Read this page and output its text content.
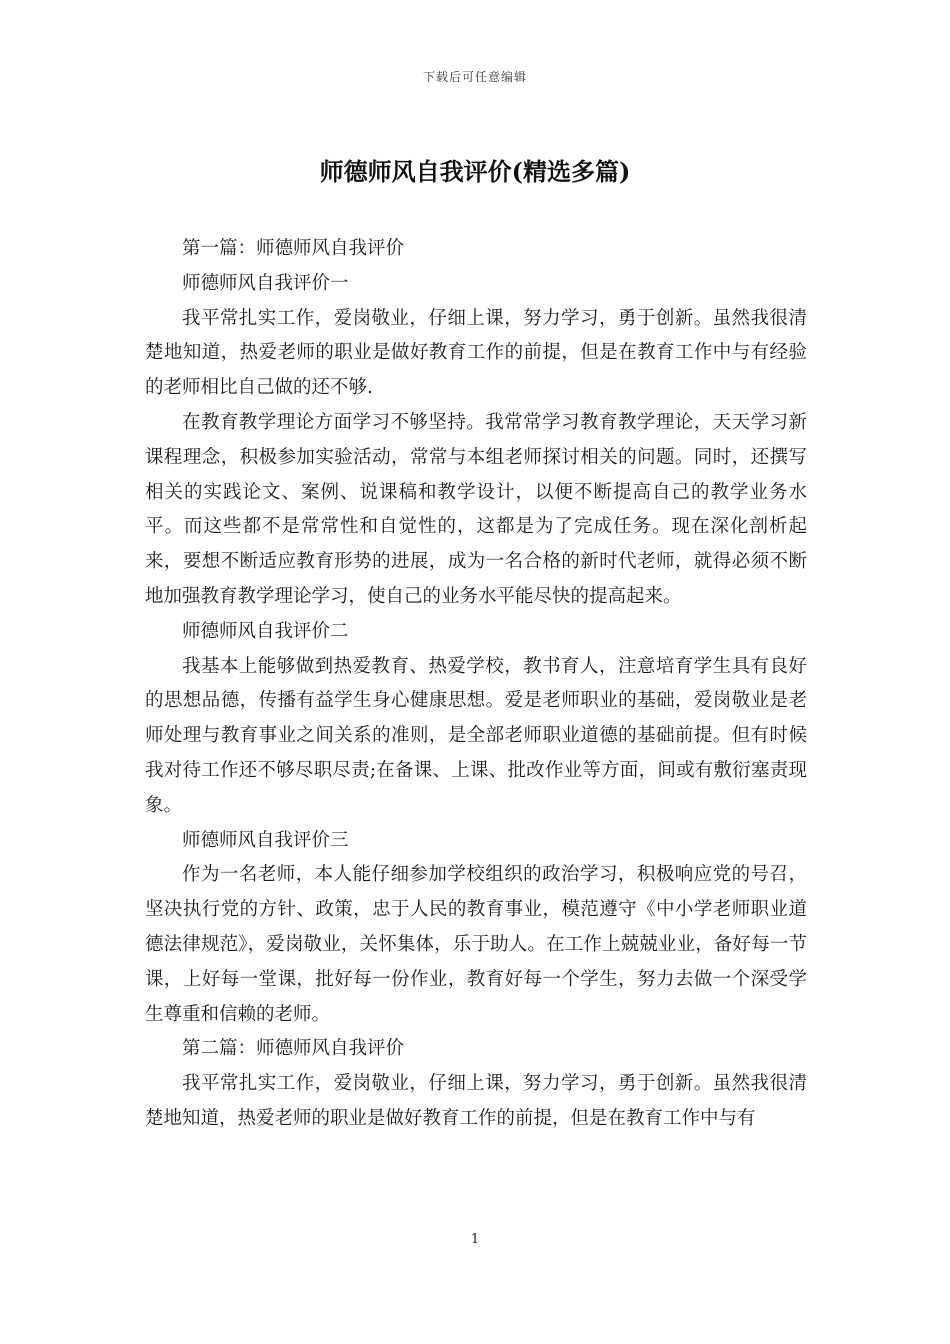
下载后可任意编辑
师德师风自我评价(精选多篇)

第一篇：师德师风自我评价

师德师风自我评价一

我平常扎实工作，爱岗敬业，仔细上课，努力学习，勇于创新。虽然我很清楚地知道，热爱老师的职业是做好教育工作的前提，但是在教育工作中与有经验的老师相比自己做的还不够.

在教育教学理论方面学习不够坚持。我常常学习教育教学理论，天天学习新课程理念，积极参加实验活动，常常与本组老师探讨相关的问题。同时，还撰写相关的实践论文、案例、说课稿和教学设计，以便不断提高自己的教学业务水平。而这些都不是常常性和自觉性的，这都是为了完成任务。现在深化剖析起来，要想不断适应教育形势的进展，成为一名合格的新时代老师，就得必须不断地加强教育教学理论学习，使自己的业务水平能尽快的提高起来。

师德师风自我评价二

我基本上能够做到热爱教育、热爱学校，教书育人，注意培育学生具有良好的思想品德，传播有益学生身心健康思想。爱是老师职业的基础，爱岗敬业是老师处理与教育事业之间关系的准则，是全部老师职业道德的基础前提。但有时候我对待工作还不够尽职尽责;在备课、上课、批改作业等方面，间或有敷衍塞责现象。

师德师风自我评价三

作为一名老师，本人能仔细参加学校组织的政治学习，积极响应党的号召，坚决执行党的方针、政策，忠于人民的教育事业，模范遵守《中小学老师职业道德法律规范》，爱岗敬业，关怀集体，乐于助人。在工作上兢兢业业，备好每一节课，上好每一堂课，批好每一份作业，教育好每一个学生，努力去做一个深受学生尊重和信赖的老师。

第二篇：师德师风自我评价

我平常扎实工作，爱岗敬业，仔细上课，努力学习，勇于创新。虽然我很清楚地知道，热爱老师的职业是做好教育工作的前提，但是在教育工作中与有

1
